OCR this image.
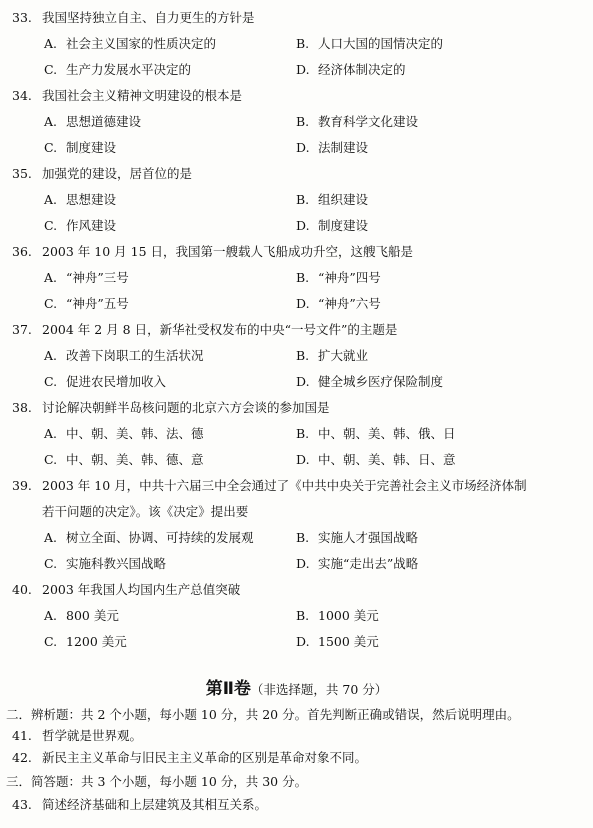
33. 我国坚持独立自主、自力更生的方针是
A. 社会主义国家的性质决定的	B. 人口大国的国情决定的
C. 生产力发展水平决定的	D. 经济体制决定的
34. 我国社会主义精神文明建设的根本是
A. 思想道德建设	B. 教育科学文化建设
C. 制度建设	D. 法制建设
35. 加强党的建设，居首位的是
A. 思想建设	B. 组织建设
C. 作风建设	D. 制度建设
36. 2003 年 10 月 15 日，我国第一艘载人飞船成功升空，这艘飞船是
A. “神舟”三号	B. “神舟”四号
C. “神舟”五号	D. “神舟”六号
37. 2004 年 2 月 8 日，新华社受权发布的中央“一号文件”的主题是
A. 改善下岗职工的生活状况	B. 扩大就业
C. 促进农民增加收入	D. 健全城乡医疗保险制度
38. 讨论解决朝鲜半岛核问题的北京六方会谈的参加国是
A. 中、朝、美、韩、法、德	B. 中、朝、美、韩、俄、日
C. 中、朝、美、韩、德、意	D. 中、朝、美、韩、日、意
39. 2003 年 10 月，中共十六届三中全会通过了《中共中央关于完善社会主义市场经济体制
若干问题的决定》。该《决定》提出要
A. 树立全面、协调、可持续的发展观	B. 实施人才强国战略
C. 实施科教兴国战略	D. 实施“走出去”战略
40. 2003 年我国人均国内生产总值突破
A. 800 美元	B. 1000 美元
C. 1200 美元	D. 1500 美元
第Ⅱ卷（非选择题，共 70 分）
二．辨析题：共 2 个小题，每小题 10 分，共 20 分。首先判断正确或错误，然后说明理由。
41. 哲学就是世界观。
42. 新民主主义革命与旧民主主义革命的区别是革命对象不同。
三．简答题：共 3 个小题，每小题 10 分，共 30 分。
43. 简述经济基础和上层建筑及其相互关系。
